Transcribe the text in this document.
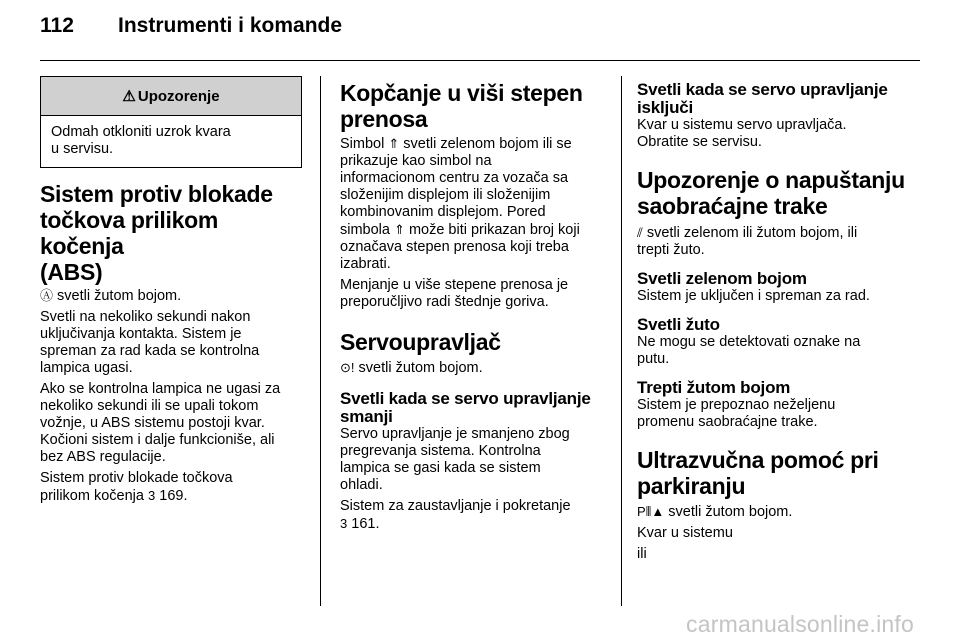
112	Instrumenti i komande
⚠ Upozorenje
Odmah otkloniti uzrok kvara
u servisu.
Sistem protiv blokade
točkova prilikom kočenja
(ABS)

Ⓐ svetli žutom bojom.

Svetli na nekoliko sekundi nakon
uključivanja kontakta. Sistem je
spreman za rad kada se kontrolna
lampica ugasi.

Ako se kontrolna lampica ne ugasi za
nekoliko sekundi ili se upali tokom
vožnje, u ABS sistemu postoji kvar.
Kočioni sistem i dalje funkcioniše, ali
bez ABS regulacije.

Sistem protiv blokade točkova
prilikom kočenja 3 169.

Kopčanje u viši stepen
prenosa

Simbol ⇑ svetli zelenom bojom ili se
prikazuje kao simbol na
informacionom centru za vozača sa
složenijim displejom ili složenijim
kombinovanim displejom. Pored
simbola ⇑ može biti prikazan broj koji
označava stepen prenosa koji treba
izabrati.

Menjanje u više stepene prenosa je
preporučljivo radi štednje goriva.

Servoupravljač

⊙! svetli žutom bojom.

Svetli kada se servo upravljanje
smanji

Servo upravljanje je smanjeno zbog
pregrevanja sistema. Kontrolna
lampica se gasi kada se sistem
ohladi.

Sistem za zaustavljanje i pokretanje
3 161.

Svetli kada se servo upravljanje
isključi

Kvar u sistemu servo upravljača.
Obratite se servisu.

Upozorenje o napuštanju
saobraćajne trake

⫽ svetli zelenom ili žutom bojom, ili
trepti žuto.

Svetli zelenom bojom

Sistem je uključen i spreman za rad.

Svetli žuto

Ne mogu se detektovati oznake na
putu.

Trepti žutom bojom

Sistem je prepoznao neželjenu
promenu saobraćajne trake.

Ultrazvučna pomoć pri
parkiranju

P⦀▲ svetli žutom bojom.

Kvar u sistemu

ili

carmanualsonline.info
